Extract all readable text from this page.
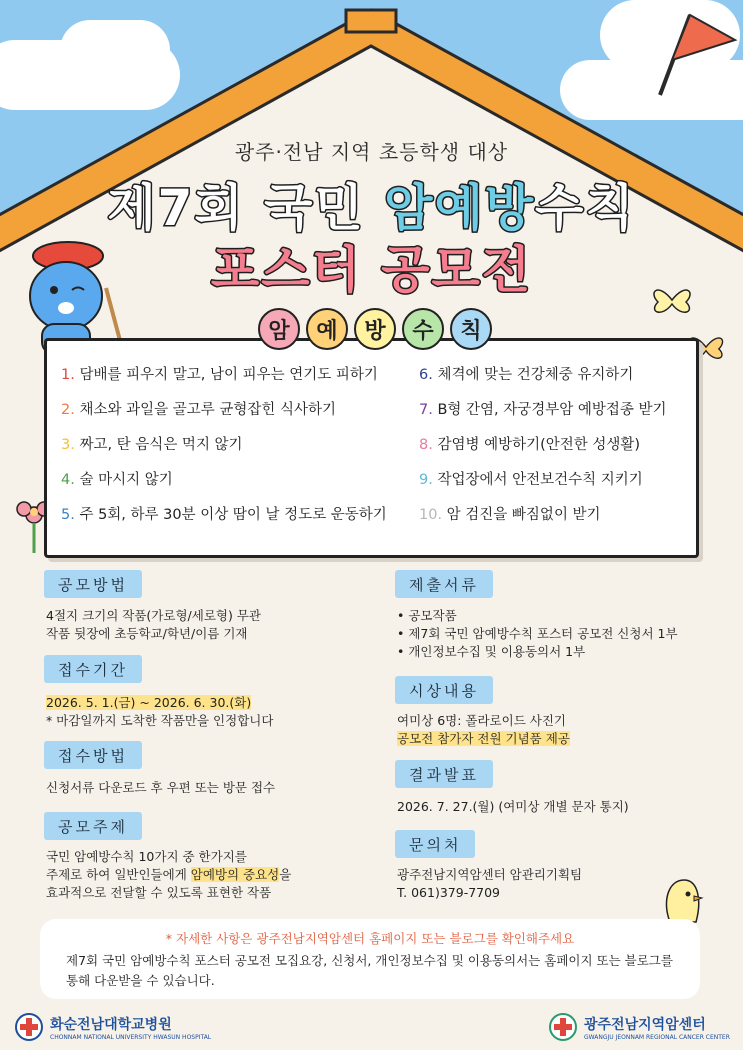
광주·전남 지역 초등학생 대상
제7회 국민 암예방수칙
포스터 공모전
1. 담배를 피우지 말고, 남이 피우는 연기도 피하기
2. 채소와 과일을 골고루 균형잡힌 식사하기
3. 짜고, 탄 음식은 먹지 않기
4. 술 마시지 않기
5. 주 5회, 하루 30분 이상 땀이 날 정도로 운동하기
6. 체격에 맞는 건강체중 유지하기
7. B형 간염, 자궁경부암 예방접종 받기
8. 감염병 예방하기(안전한 성생활)
9. 작업장에서 안전보건수칙 지키기
10. 암 검진을 빠짐없이 받기
암	예	방	수	칙
공모방법
4절지 크기의 작품(가로형/세로형) 무관
작품 뒷장에 초등학교/학년/이름 기재
접수기간
2026. 5. 1.(금) ~ 2026. 6. 30.(화)
* 마감일까지 도착한 작품만을 인정합니다
접수방법
신청서류 다운로드 후 우편 또는 방문 접수
공모주제
국민 암예방수칙 10가지 중 한가지를
주제로 하여 일반인들에게 암예방의 중요성을
효과적으로 전달할 수 있도록 표현한 작품
제출서류
• 공모작품
• 제7회 국민 암예방수칙 포스터 공모전 신청서 1부
• 개인정보수집 및 이용동의서 1부
시상내용
여미상 6명: 폴라로이드 사진기
공모전 참가자 전원 기념품 제공
결과발표
2026. 7. 27.(월) (여미상 개별 문자 통지)
문의처
광주전남지역암센터 암관리기획팀
T. 061)379-7709
* 자세한 사항은 광주전남지역암센터 홈페이지 또는 블로그를 확인해주세요
제7회 국민 암예방수칙 포스터 공모전 모집요강, 신청서, 개인정보수집 및 이용동의서는 홈페이지 또는 블로그를 통해 다운받을 수 있습니다.
화순전남대학교병원
CHONNAM NATIONAL UNIVERSITY HWASUN HOSPITAL
광주전남지역암센터
GWANGJU JEONNAM REGIONAL CANCER CENTER
